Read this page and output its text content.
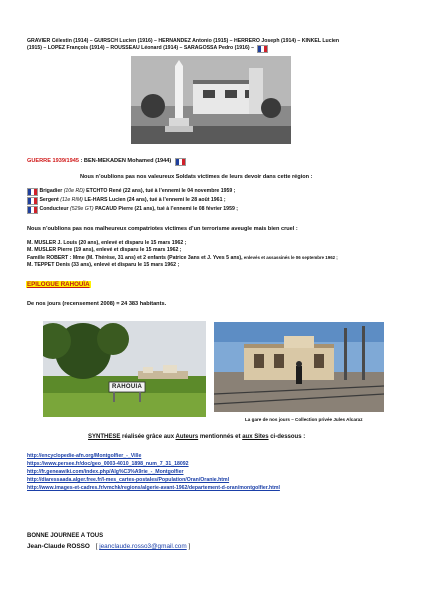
GRAVIER Célestin (1914) – GUIRSCH Lucien (1916) – HERNANDEZ Antonio (1915) – HERRERO Joseph (1914) – KINKEL Lucien
(1915) – LOPEZ François (1914) – ROUSSEAU Léonard (1914) – SARAGOSSA Pedro (1916) –
GUERRE 1939/1945 : BEN-MEKADEN Mohamed (1944)
Nous n’oublions pas nos valeureux Soldats victimes de leurs devoir dans cette région :
Brigadier (10e RD) ETCHTO René (22 ans), tué à l’ennemi le 04 novembre 1959 ;
Sergent (11e RIM) LE-HARS Lucien (24 ans), tué à l’ennemi le 28 août 1961 ;
Conducteur (529e GT) PACAUD Pierre (21 ans), tué à l’ennemi le 08 février 1959 ;
Nous n’oublions pas nos malheureux compatriotes victimes d’un terrorisme aveugle mais bien cruel :
M. MUSLER J. Louis (20 ans), enlevé et disparu le 15 mars 1962 ;
M. MUSLER Pierre (19 ans), enlevé et disparu le 15 mars 1962 ;
Famille ROBERT : Mme (M. Thérèse, 31 ans) et 2 enfants (Patrice 3ans et J. Yves 5 ans), enlevés et assassinés le 06 septembre 1962 ;
M. TEPPET Denis (33 ans), enlevé et disparu le 15 mars 1962 ;
EPILOGUE RAHOUÏA
De nos jours (recensement 2008) = 24 383 habitants.
RAHOUIA
La gare de nos jours – Collection privée Jules Alcaraz
SYNTHESE réalisée grâce aux Auteurs mentionnés et aux Sites ci-dessous :
http://encyclopedie-afn.org/Montgolfier_-_Ville
https://www.persee.fr/doc/geo_0003-4010_1898_num_7_31_18092
http://fr.geneawiki.com/index.php/Alg%C3%A9rie_-_Montgolfier
http://diaressaada.alger.free.fr/l-mes_cartes-postales/Population/Oran/Oranie.html
http://www.images-et-cadres.fr/vmchk/regions/algerie-avant-1962/departement-d-oran/montgolfier.html
BONNE JOURNEE A TOUS
Jean-Claude ROSSO [ jeanclaude.rosso3@gmail.com ]
